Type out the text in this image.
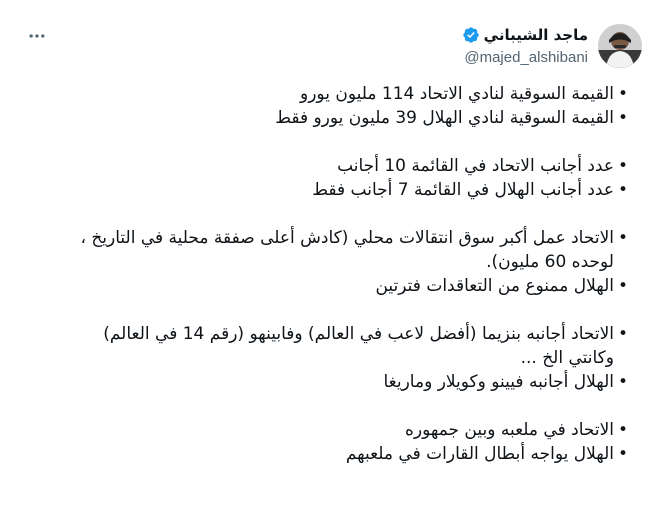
ماجد الشيباني
@majed_alshibani
•
القيمة السوقية لنادي الاتحاد 114 مليون يورو
•
القيمة السوقية لنادي الهلال 39 مليون يورو فقط
•
عدد أجانب الاتحاد في القائمة 10 أجانب
•
عدد أجانب الهلال في القائمة 7 أجانب فقط
•
الاتحاد عمل أكبر سوق انتقالات محلي (كادش أعلى صفقة محلية في التاريخ ،
لوحده 60 مليون).
•
الهلال ممنوع من التعاقدات فترتين
•
الاتحاد أجانبه بنزيما (أفضل لاعب في العالم) وفابينهو (رقم 14 في العالم)
وكانتي الخ ...
•
الهلال أجانبه فيينو وكويلار وماريغا
•
الاتحاد في ملعبه وبين جمهوره
•
الهلال يواجه أبطال القارات في ملعبهم
